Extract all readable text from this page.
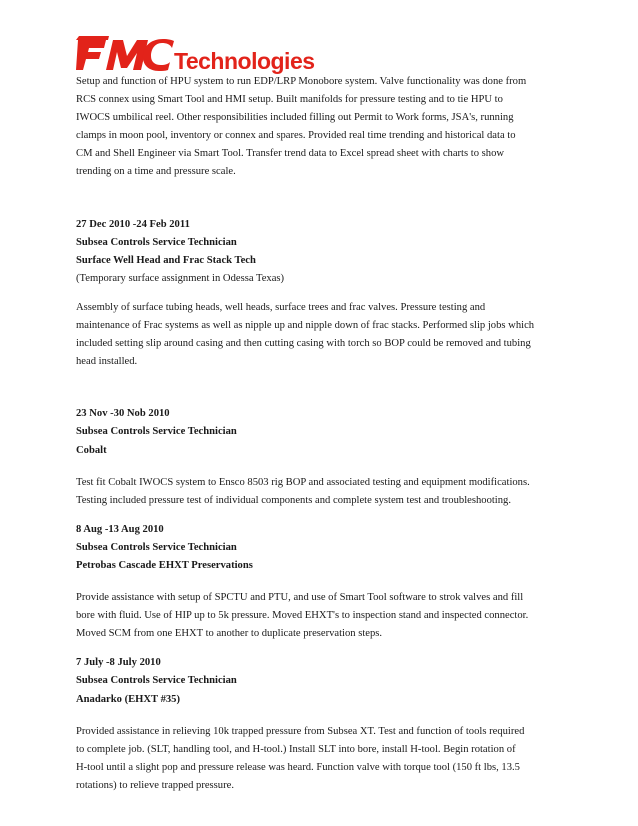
Technologies

Setup and function of HPU system to run EDP/LRP Monobore system. Valve functionality was done from

RCS connex using Smart Tool and HMI setup. Built manifolds for pressure testing and to tie HPU to

IWOCS umbilical reel. Other responsibilities included filling out Permit to Work forms, JSA's, running

clamps in moon pool, inventory or connex and spares. Provided real time trending and historical data to

CM and Shell Engineer via Smart Tool. Transfer trend data to Excel spread sheet with charts to show

trending on a time and pressure scale.

27 Dec 2010 -24 Feb 2011

Subsea Controls Service Technician

Surface Well Head and Frac Stack Tech

(Temporary surface assignment in Odessa Texas)

Assembly of surface tubing heads, well heads, surface trees and frac valves. Pressure testing and

maintenance of Frac systems as well as nipple up and nipple down of frac stacks. Performed slip jobs which

included setting slip around casing and then cutting casing with torch so BOP could be removed and tubing

head installed.

23 Nov -30 Nob 2010

Subsea Controls Service Technician

Cobalt

Test fit Cobalt IWOCS system to Ensco 8503 rig BOP and associated testing and equipment modifications.

Testing included pressure test of individual components and complete system test and troubleshooting.

8 Aug -13 Aug 2010

Subsea Controls Service Technician

Petrobas Cascade EHXT Preservations

Provide assistance with setup of SPCTU and PTU, and use of Smart Tool software to strok valves and fill

bore with fluid. Use of HIP up to 5k pressure. Moved EHXT's to inspection stand and inspected connector.

Moved SCM from one EHXT to another to duplicate preservation steps.

7 July -8 July 2010

Subsea Controls Service Technician

Anadarko (EHXT #35)

Provided assistance in relieving 10k trapped pressure from Subsea XT. Test and function of tools required

to complete job. (SLT, handling tool, and H-tool.) Install SLT into bore, install H-tool. Begin rotation of

H-tool until a slight pop and pressure release was heard. Function valve with torque tool (150 ft lbs, 13.5

rotations) to relieve trapped pressure.
